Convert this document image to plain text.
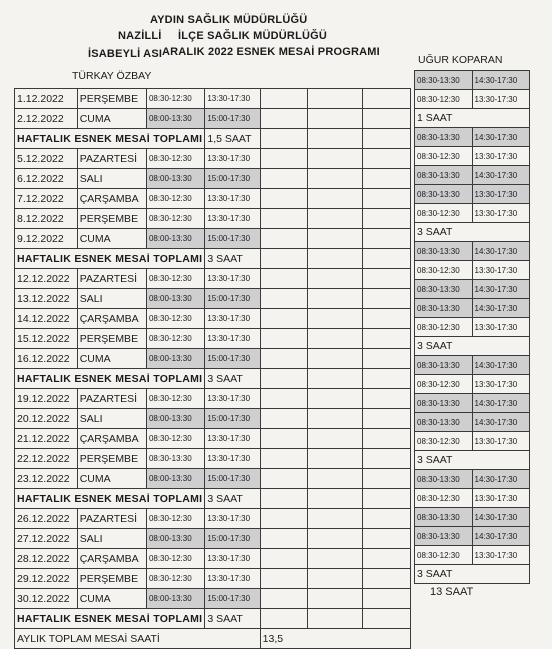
AYDIN SAĞLIK MÜDÜRLÜĞÜ
NAZİLLİ İLÇE SAĞLIK MÜDÜRLÜĞÜ
İSABEYLİ ASI ARALIK 2022 ESNEK MESAİ PROGRAMI
TÜRKAY ÖZBAY
UĞUR KOPARAN
1.12.2022	PERŞEMBE	08:30-12:30	13:30-17:30			
2.12.2022	CUMA	08:00-13:30	15:00-17:30			
HAFTALIK ESNEK MESAİ TOPLAMI			1,5 SAAT			
5.12.2022	PAZARTESİ	08:30-12:30	13:30-17:30			
6.12.2022	SALI	08:00-13:30	15:00-17:30			
7.12.2022	ÇARŞAMBA	08:30-12:30	13:30-17:30			
8.12.2022	PERŞEMBE	08:30-12:30	13:30-17:30			
9.12.2022	CUMA	08:00-13:30	15:00-17:30			
HAFTALIK ESNEK MESAİ TOPLAMI			3 SAAT			
12.12.2022	PAZARTESİ	08:30-12:30	13:30-17:30			
13.12.2022	SALI	08:00-13:30	15:00-17:30			
14.12.2022	ÇARŞAMBA	08:30-12:30	13:30-17:30			
15.12.2022	PERŞEMBE	08:30-12:30	13:30-17:30			
16.12.2022	CUMA	08:00-13:30	15:00-17:30			
HAFTALIK ESNEK MESAİ TOPLAMI			3 SAAT			
19.12.2022	PAZARTESİ	08:30-12:30	13:30-17:30			
20.12.2022	SALI	08:00-13:30	15:00-17:30			
21.12.2022	ÇARŞAMBA	08:30-12:30	13:30-17:30			
22.12.2022	PERŞEMBE	08:30-13:30	13:30-17:30			
23.12.2022	CUMA	08:00-13:30	15:00-17:30			
HAFTALIK ESNEK MESAİ TOPLAMI			3 SAAT			
26.12.2022	PAZARTESİ	08:30-12:30	13:30-17:30			
27.12.2022	SALI	08:00-13:30	15:00-17:30			
28.12.2022	ÇARŞAMBA	08:30-12:30	13:30-17:30			
29.12.2022	PERŞEMBE	08:30-12:30	13:30-17:30			
30.12.2022	CUMA	08:00-13:30	15:00-17:30			
HAFTALIK ESNEK MESAİ TOPLAMI			3 SAAT			
AYLIK TOPLAM MESAİ SAATİ				13,5		
08:30-13:30	14:30-17:30
08:30-12:30	13:30-17:30
1 SAAT	
08:30-13:30	14:30-17:30
08:30-12:30	13:30-17:30
08:30-13:30	14:30-17:30
08:30-13:30	13:30-17:30
08:30-12:30	13:30-17:30
3 SAAT	
08:30-13:30	14:30-17:30
08:30-12:30	13:30-17:30
08:30-13:30	14:30-17:30
08:30-13:30	14:30-17:30
08:30-12:30	13:30-17:30
3 SAAT	
08:30-13:30	14:30-17:30
08:30-12:30	13:30-17:30
08:30-13:30	14:30-17:30
08:30-13:30	14:30-17:30
08:30-12:30	13:30-17:30
3 SAAT	
08:30-13:30	14:30-17:30
08:30-12:30	13:30-17:30
08:30-13:30	14:30-17:30
08:30-13:30	14:30-17:30
08:30-12:30	13:30-17:30
3 SAAT	
13 SAAT
